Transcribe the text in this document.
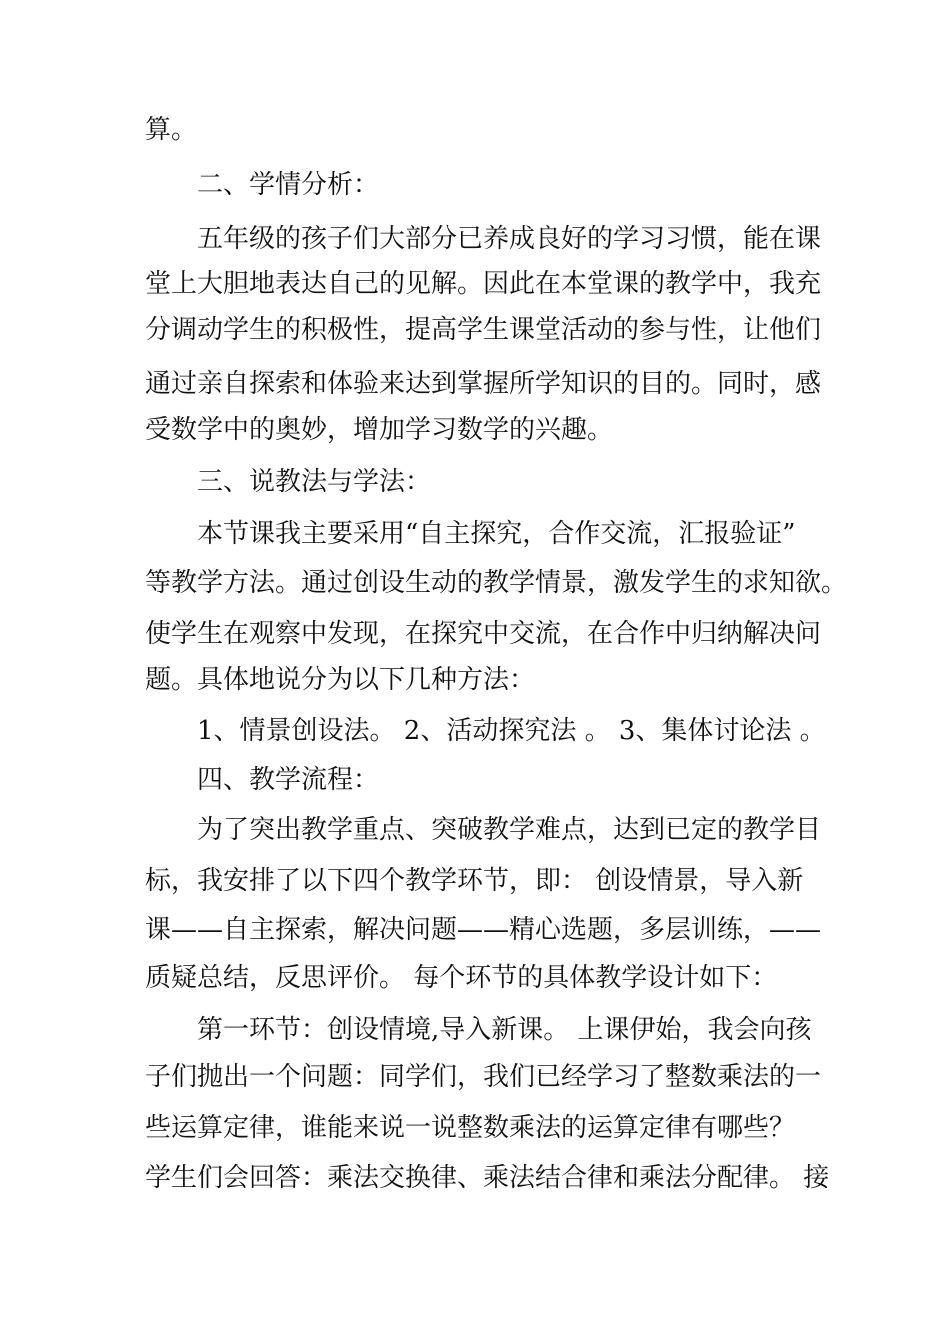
算。
二、学情分析：
五年级的孩子们大部分已养成良好的学习习惯，能在课
堂上大胆地表达自己的见解。因此在本堂课的教学中，我充
分调动学生的积极性，提高学生课堂活动的参与性，让他们
通过亲自探索和体验来达到掌握所学知识的目的。同时，感
受数学中的奥妙，增加学习数学的兴趣。
三、说教法与学法：
本节课我主要采用“自主探究，合作交流，汇报验证”
等教学方法。通过创设生动的教学情景，激发学生的求知欲。
使学生在观察中发现，在探究中交流，在合作中归纳解决问
题。具体地说分为以下几种方法：
1、情景创设法。 2、活动探究法 。 3、集体讨论法 。
四、教学流程：
为了突出教学重点、突破教学难点，达到已定的教学目
标，我安排了以下四个教学环节，即： 创设情景，导入新
课——自主探索，解决问题——精心选题，多层训练，——
质疑总结，反思评价。 每个环节的具体教学设计如下：
第一环节：创设情境,导入新课。 上课伊始，我会向孩
子们抛出一个问题：同学们，我们已经学习了整数乘法的一
些运算定律，谁能来说一说整数乘法的运算定律有哪些？
学生们会回答：乘法交换律、乘法结合律和乘法分配律。 接
